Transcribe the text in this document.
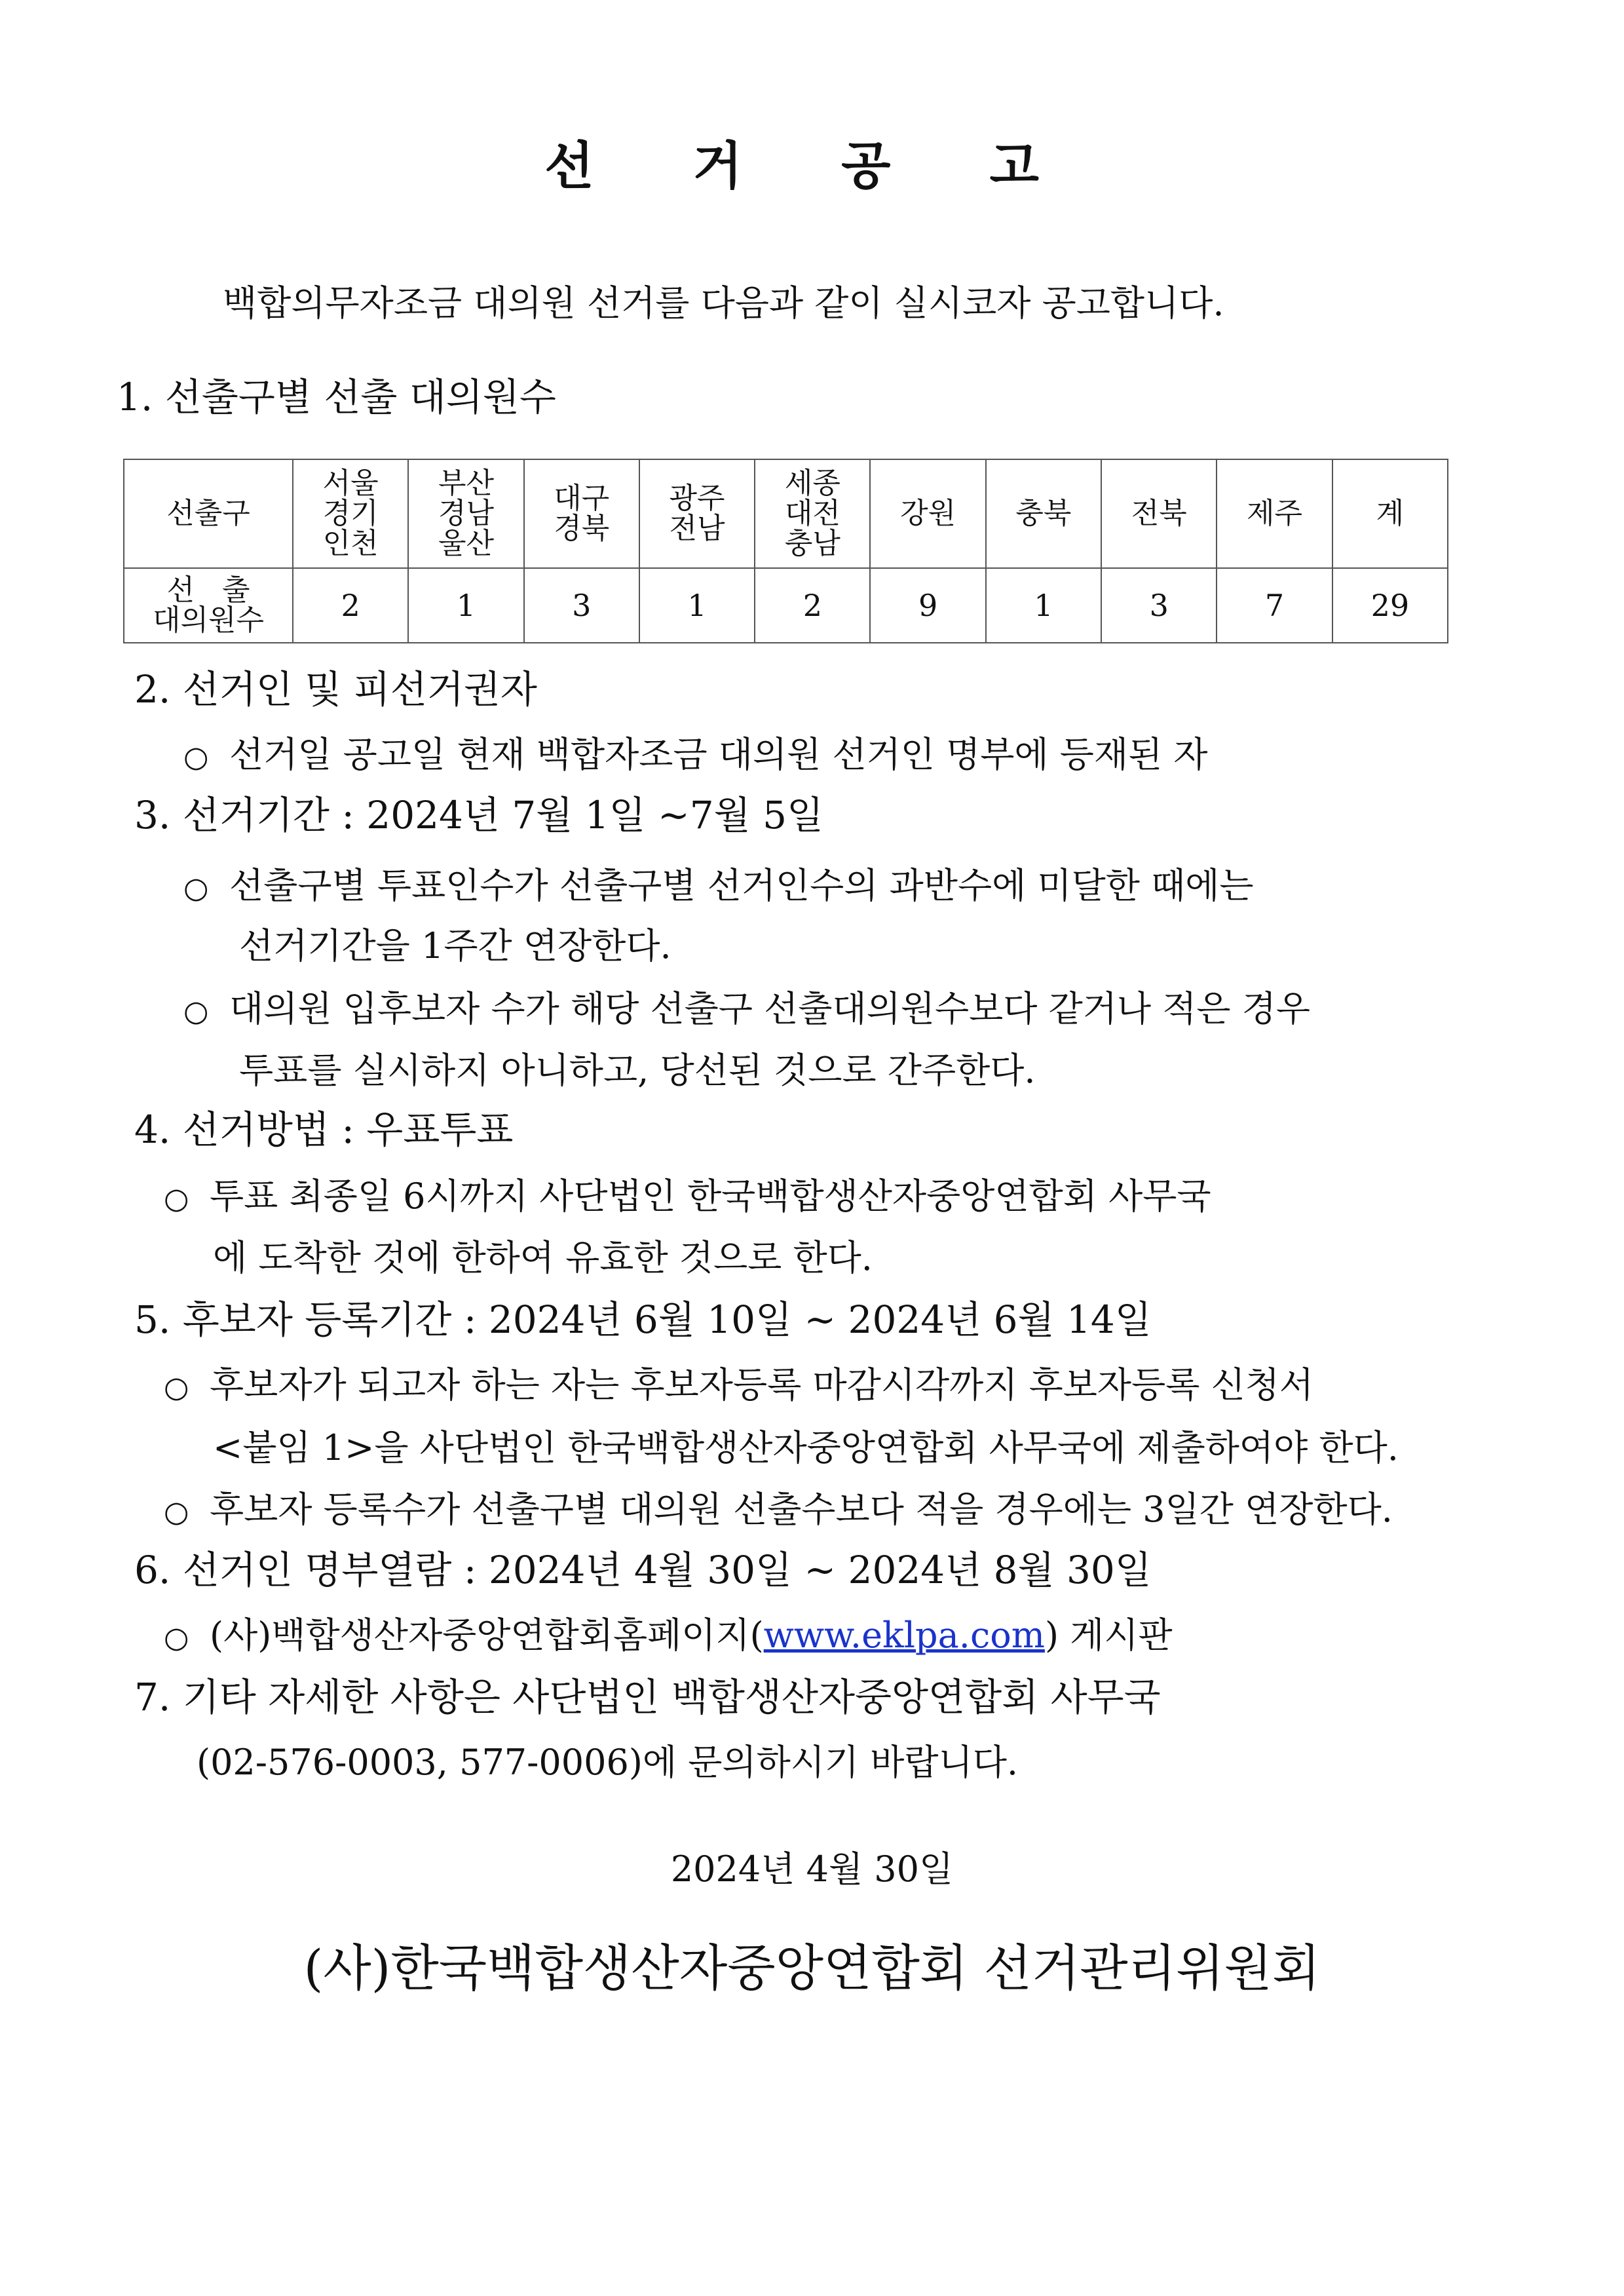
선 거 공 고
백합의무자조금 대의원 선거를 다음과 같이 실시코자 공고합니다.
1. 선출구별 선출 대의원수
선출구	서울
경기
인천	부산
경남
울산	대구
경북	광주
전남	세종
대전
충남	강원	충북	전북	제주	계

선   출
대의원수	2	1	3	1	2	9	1	3	7	29
2. 선거인 및 피선거권자
○ 선거일 공고일 현재 백합자조금 대의원 선거인 명부에 등재된 자
3. 선거기간 : 2024년 7월 1일 ~7월 5일
○ 선출구별 투표인수가 선출구별 선거인수의 과반수에 미달한 때에는
선거기간을 1주간 연장한다.
○ 대의원 입후보자 수가 해당 선출구 선출대의원수보다 같거나 적은 경우
투표를 실시하지 아니하고, 당선된 것으로 간주한다.
4. 선거방법 : 우표투표
○ 투표 최종일 6시까지 사단법인 한국백합생산자중앙연합회 사무국
에 도착한 것에 한하여 유효한 것으로 한다.
5. 후보자 등록기간 : 2024년 6월 10일 ~ 2024년 6월 14일
○ 후보자가 되고자 하는 자는 후보자등록 마감시각까지 후보자등록 신청서
<붙임 1>을 사단법인 한국백합생산자중앙연합회 사무국에 제출하여야 한다.
○ 후보자 등록수가 선출구별 대의원 선출수보다 적을 경우에는 3일간 연장한다.
6. 선거인 명부열람 : 2024년 4월 30일 ~ 2024년 8월 30일
○ (사)백합생산자중앙연합회홈페이지(www.eklpa.com) 게시판
7. 기타 자세한 사항은 사단법인 백합생산자중앙연합회 사무국
(02-576-0003, 577-0006)에 문의하시기 바랍니다.
2024년 4월 30일
(사)한국백합생산자중앙연합회 선거관리위원회
